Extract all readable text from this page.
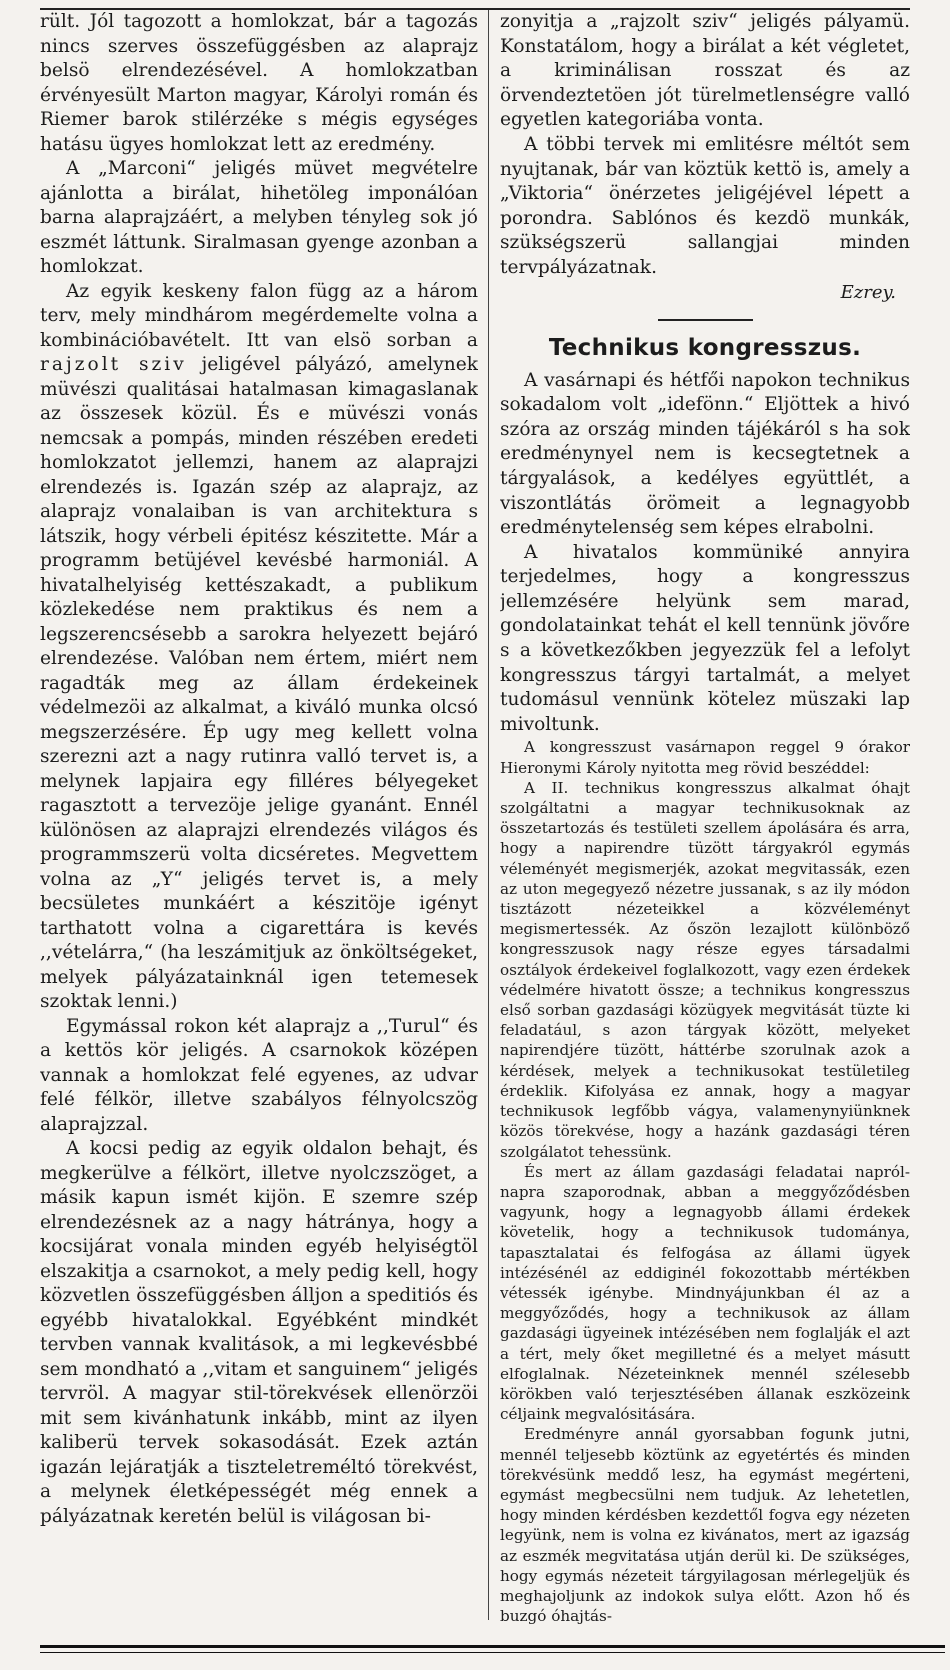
rült. Jól tagozott a homlokzat, bár a tagozás nincs szerves összefüggésben az alaprajz belsö elrendezésével. A homlokzatban érvényesült Marton magyar, Károlyi román és Riemer barok stilérzéke s mégis egységes hatásu ügyes homlokzat lett az eredmény.

A „Marconi“ jeligés müvet megvételre ajánlotta a birálat, hihetöleg imponálóan barna alaprajzáért, a melyben tényleg sok jó eszmét láttunk. Siralmasan gyenge azonban a homlokzat.

Az egyik keskeny falon függ az a három terv, mely mindhárom megérdemelte volna a kombinációbavételt. Itt van elsö sorban a rajzolt sziv jeligével pályázó, amelynek müvészi qualitásai hatalmasan kimagaslanak az összesek közül. És e müvészi vonás nemcsak a pompás, minden részében eredeti homlokzatot jellemzi, hanem az alaprajzi elrendezés is. Igazán szép az alaprajz, az alaprajz vonalaiban is van architektura s látszik, hogy vérbeli épitész készitette. Már a programm betüjével kevésbé harmoniál. A hivatalhelyiség kettészakadt, a publikum közlekedése nem praktikus és nem a legszerencsésebb a sarokra helyezett bejáró elrendezése. Valóban nem értem, miért nem ragadták meg az állam érdekeinek védelmezöi az alkalmat, a kiváló munka olcsó megszerzésére. Ép ugy meg kellett volna szerezni azt a nagy rutinra valló tervet is, a melynek lapjaira egy filléres bélyegeket ragasztott a tervezöje jelige gyanánt. Ennél különösen az alaprajzi elrendezés világos és programmszerü volta dicséretes. Megvettem volna az „Y“ jeligés tervet is, a mely becsületes munkáért a készitöje igényt tarthatott volna a cigarettára is kevés ,,vételárra,“ (ha leszámitjuk az önköltségeket, melyek pályázatainknál igen tetemesek szoktak lenni.)

Egymással rokon két alaprajz a ,,Turul“ és a kettös kör jeligés. A csarnokok középen vannak a homlokzat felé egyenes, az udvar felé félkör, illetve szabályos félnyolcszög alaprajzzal.

A kocsi pedig az egyik oldalon behajt, és megkerülve a félkört, illetve nyolczszöget, a másik kapun ismét kijön. E szemre szép elrendezésnek az a nagy hátránya, hogy a kocsijárat vonala minden egyéb helyiségtöl elszakitja a csarnokot, a mely pedig kell, hogy közvetlen összefüggésben álljon a speditiós és egyébb hivatalokkal. Egyébként mindkét tervben vannak kvalitások, a mi legkevésbbé sem mondható a ,,vitam et sanguinem“ jeligés tervröl. A magyar stil-törekvések ellenörzöi mit sem kivánhatunk inkább, mint az ilyen kaliberü tervek sokasodását. Ezek aztán igazán lejáratják a tiszteletreméltó törekvést, a melynek életképességét még ennek a pályázatnak keretén belül is világosan bi-

zonyitja a „rajzolt sziv“ jeligés pályamü. Konstatálom, hogy a birálat a két végletet, a kriminálisan rosszat és az örvendeztetöen jót türelmetlenségre valló egyetlen kategoriába vonta.

A többi tervek mi emlitésre méltót sem nyujtanak, bár van köztük kettö is, amely a „Viktoria“ önérzetes jeligéjével lépett a porondra. Sablónos és kezdö munkák, szükségszerü sallangjai minden tervpályázatnak.

Ezrey.
Technikus kongresszus.

A vasárnapi és hétfői napokon technikus sokadalom volt „idefönn.“ Eljöttek a hivó szóra az ország minden tájékáról s ha sok eredménynyel nem is kecsegtetnek a tárgyalások, a kedélyes együttlét, a viszontlátás örömeit a legnagyobb eredménytelenség sem képes elrabolni.

A hivatalos kommüniké annyira terjedelmes, hogy a kongresszus jellemzésére helyünk sem marad, gondolatainkat tehát el kell tennünk jövőre s a következőkben jegyezzük fel a lefolyt kongresszus tárgyi tartalmát, a melyet tudomásul vennünk kötelez müszaki lap mivoltunk.

A kongresszust vasárnapon reggel 9 órakor Hieronymi Károly nyitotta meg rövid beszéddel:

A II. technikus kongresszus alkalmat óhajt szolgáltatni a magyar technikusoknak az összetartozás és testületi szellem ápolására és arra, hogy a napirendre tüzött tárgyakról egymás véleményét megismerjék, azokat megvitassák, ezen az uton megegyező nézetre jussanak, s az ily módon tisztázott nézeteikkel a közvéleményt megismertessék. Az őszön lezajlott különböző kongresszusok nagy része egyes társadalmi osztályok érdekeivel foglalkozott, vagy ezen érdekek védelmére hivatott össze; a technikus kongresszus első sorban gazdasági közügyek megvitását tüzte ki feladatául, s azon tárgyak között, melyeket napirendjére tüzött, háttérbe szorulnak azok a kérdések, melyek a technikusokat testületileg érdeklik. Kifolyása ez annak, hogy a magyar technikusok legfőbb vágya, valamenynyiünknek közös törekvése, hogy a hazánk gazdasági téren szolgálatot tehessünk.

És mert az állam gazdasági feladatai napról-napra szaporodnak, abban a meggyőződésben vagyunk, hogy a legnagyobb állami érdekek követelik, hogy a technikusok tudománya, tapasztalatai és felfogása az állami ügyek intézésénél az eddiginél fokozottabb mértékben vétessék igénybe. Mindnyájunkban él az a meggyőződés, hogy a technikusok az állam gazdasági ügyeinek intézésében nem foglalják el azt a tért, mely őket megilletné és a melyet másutt elfoglalnak. Nézeteinknek mennél szélesebb körökben való terjesztésében állanak eszközeink céljaink megvalósitására.

Eredményre annál gyorsabban fogunk jutni, mennél teljesebb köztünk az egyetértés és minden törekvésünk meddő lesz, ha egymást megérteni, egymást megbecsülni nem tudjuk. Az lehetetlen, hogy minden kérdésben kezdettől fogva egy nézeten legyünk, nem is volna ez kivánatos, mert az igazság az eszmék megvitatása utján derül ki. De szükséges, hogy egymás nézeteit tárgyilagosan mérlegeljük és meghajoljunk az indokok sulya előtt. Azon hő és buzgó óhajtás-
